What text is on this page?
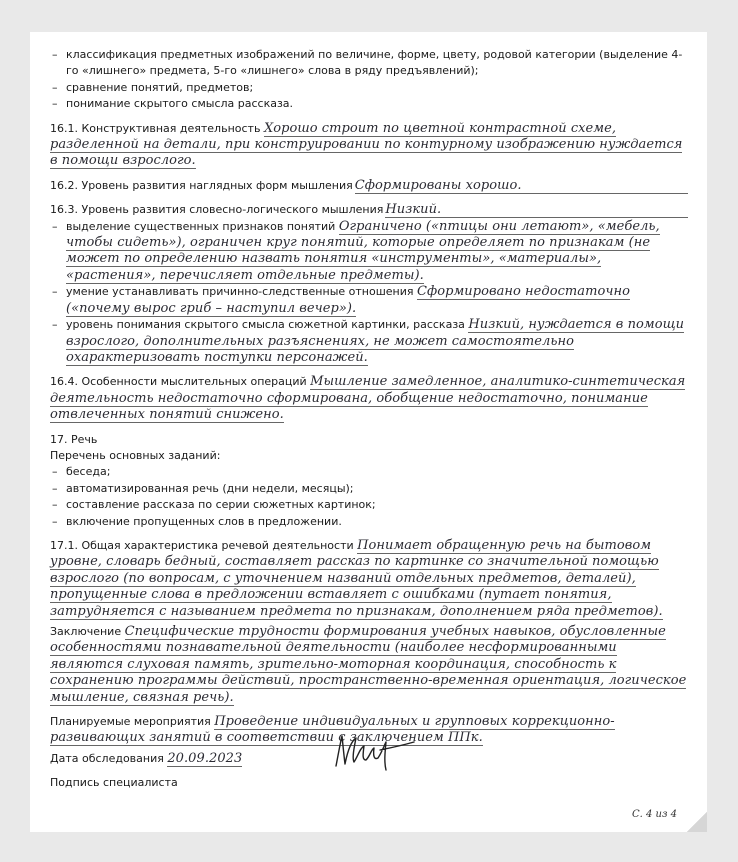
– классификация предметных изображений по величине, форме, цвету, родовой категории (выделение 4-го «лишнего» предмета, 5-го «лишнего» слова в ряду предъявлений);
– сравнение понятий, предметов;
– понимание скрытого смысла рассказа.
16.1. Конструктивная деятельность Хорошо строит по цветной контрастной схеме, разделенной на детали, при конструировании по контурному изображению нуждается в помощи взрослого.
16.2. Уровень развития наглядных форм мышления Сформированы хорошо.
16.3. Уровень развития словесно-логического мышления Низкий.
– выделение существенных признаков понятий Ограничено («птицы они летают», «мебель, чтобы сидеть»), ограничен круг понятий, которые определяет по признакам (не может по определению назвать понятия «инструменты», «материалы», «растения», перечисляет отдельные предметы).
– умение устанавливать причинно-следственные отношения Сформировано недостаточно («почему вырос гриб – наступил вечер»).
– уровень понимания скрытого смысла сюжетной картинки, рассказа Низкий, нуждается в помощи взрослого, дополнительных разъяснениях, не может самостоятельно охарактеризовать поступки персонажей.
16.4. Особенности мыслительных операций Мышление замедленное, аналитико-синтетическая деятельность недостаточно сформирована, обобщение недостаточно, понимание отвлеченных понятий снижено.
17. Речь
Перечень основных заданий:
– беседа;
– автоматизированная речь (дни недели, месяцы);
– составление рассказа по серии сюжетных картинок;
– включение пропущенных слов в предложении.
17.1. Общая характеристика речевой деятельности Понимает обращенную речь на бытовом уровне, словарь бедный, составляет рассказ по картинке со значительной помощью взрослого (по вопросам, с уточнением названий отдельных предметов, деталей), пропущенные слова в предложении вставляет с ошибками (путает понятия, затрудняется с называнием предмета по признакам, дополнением ряда предметов).
Заключение Специфические трудности формирования учебных навыков, обусловленные особенностями познавательной деятельности (наиболее несформированными являются слуховая память, зрительно-моторная координация, способность к сохранению программы действий, пространственно-временная ориентация, логическое мышление, связная речь).
Планируемые мероприятия Проведение индивидуальных и групповых коррекционно-развивающих занятий в соответствии с заключением ППк.
Дата обследования 20.09.2023
Подпись специалиста
С. 4 из 4
